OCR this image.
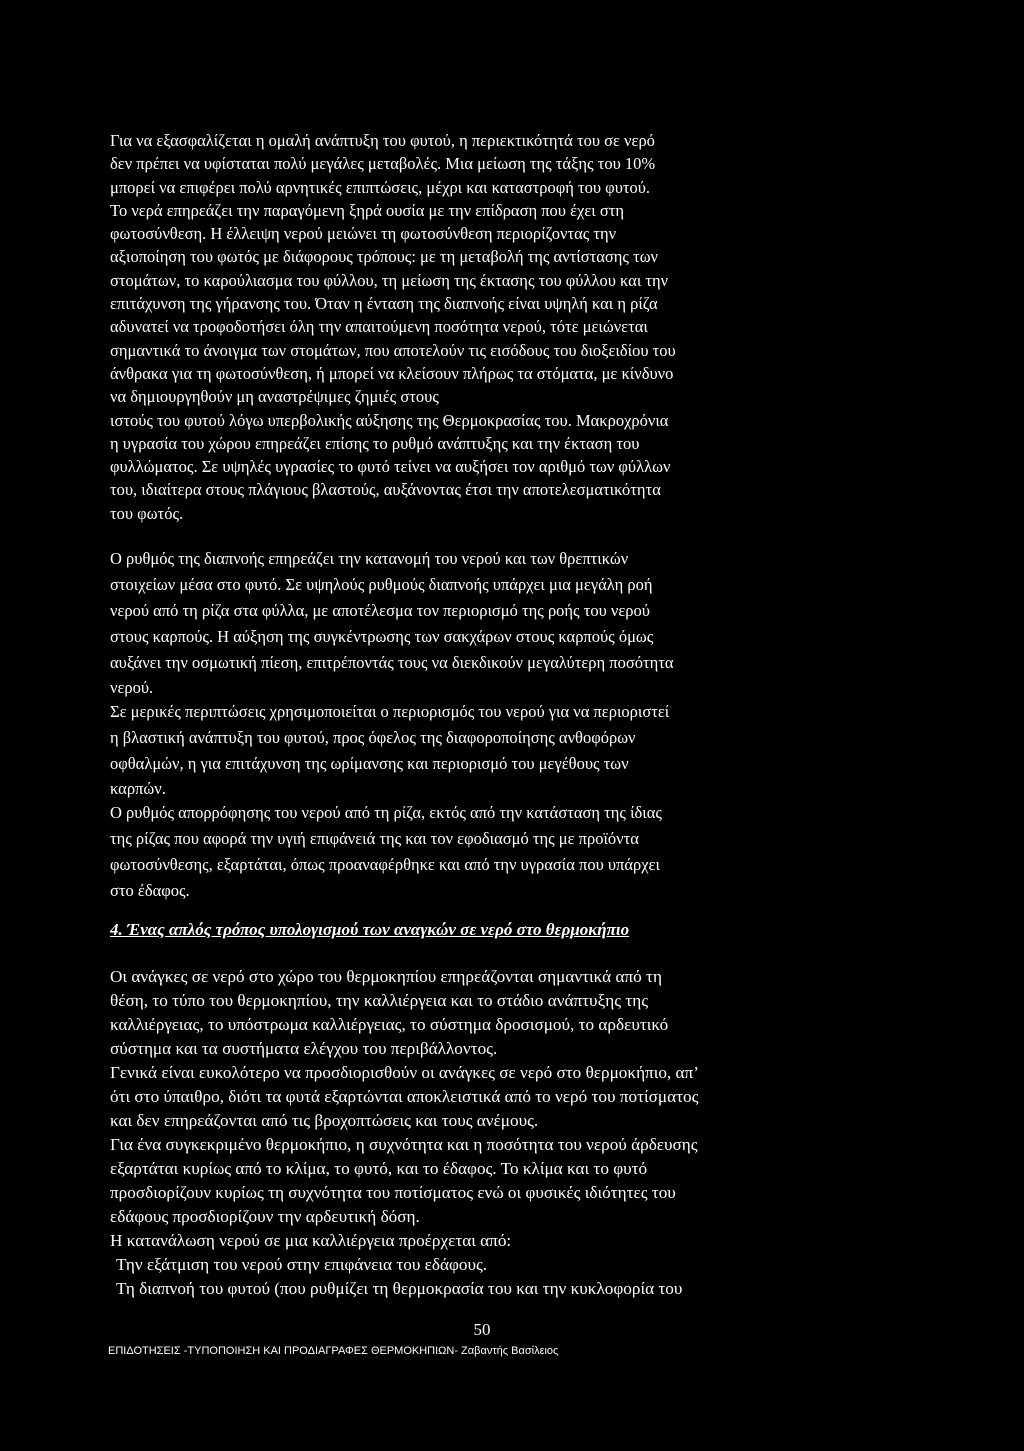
Για να εξασφαλίζεται η ομαλή ανάπτυξη του φυτού, η περιεκτικότητά του σε νερό
δεν πρέπει να υφίσταται πολύ μεγάλες μεταβολές. Μια μείωση της τάξης του 10%
μπορεί να επιφέρει πολύ αρνητικές επιπτώσεις, μέχρι και καταστροφή του φυτού.
Το νερά επηρεάζει την παραγόμενη ξηρά ουσία με την επίδραση που έχει στη
φωτοσύνθεση. Η έλλειψη νερού μειώνει τη φωτοσύνθεση περιορίζοντας την
αξιοποίηση του φωτός με διάφορους τρόπους: με τη μεταβολή της αντίστασης των
στομάτων, το καρούλιασμα του φύλλου, τη μείωση της έκτασης του φύλλου και την
επιτάχυνση της γήρανσης του. Όταν η ένταση της διαπνοής είναι υψηλή και η ρίζα
αδυνατεί να τροφοδοτήσει όλη την απαιτούμενη ποσότητα νερού, τότε μειώνεται
σημαντικά το άνοιγμα των στομάτων, που αποτελούν τις εισόδους του διοξειδίου του
άνθρακα για τη φωτοσύνθεση, ή μπορεί να κλείσουν πλήρως τα στόματα, με κίνδυνο
να δημιουργηθούν μη αναστρέψιμες ζημιές στους
ιστούς του φυτού λόγω υπερβολικής αύξησης της Θερμοκρασίας του. Μακροχρόνια
η υγρασία του χώρου επηρεάζει επίσης το ρυθμό ανάπτυξης και την έκταση του
φυλλώματος. Σε υψηλές υγρασίες το φυτό τείνει να αυξήσει τον αριθμό των φύλλων
του, ιδιαίτερα στους πλάγιους βλαστούς, αυξάνοντας έτσι την αποτελεσματικότητα
του φωτός.
Ο ρυθμός της διαπνοής επηρεάζει την κατανομή του νερού και των θρεπτικών
στοιχείων μέσα στο φυτό. Σε υψηλούς ρυθμούς διαπνοής υπάρχει μια μεγάλη ροή
νερού από τη ρίζα στα φύλλα, με αποτέλεσμα τον περιορισμό της ροής του νερού
στους καρπούς. Η αύξηση της συγκέντρωσης των σακχάρων στους καρπούς όμως
αυξάνει την οσμωτική πίεση, επιτρέποντάς τους να διεκδικούν μεγαλύτερη ποσότητα
νερού.
Σε μερικές περιπτώσεις χρησιμοποιείται ο περιορισμός του νερού για να περιοριστεί
η βλαστική ανάπτυξη του φυτού, προς όφελος της διαφοροποίησης ανθοφόρων
οφθαλμών, η για επιτάχυνση της ωρίμανσης και περιορισμό του μεγέθους των
καρπών.
Ο ρυθμός απορρόφησης του νερού από τη ρίζα, εκτός από την κατάσταση της ίδιας
της ρίζας που αφορά την υγιή επιφάνειά της και τον εφοδιασμό της με προϊόντα
φωτοσύνθεσης, εξαρτάται, όπως προαναφέρθηκε και από την υγρασία που υπάρχει
στο έδαφος.
4. Ένας απλός τρόπος υπολογισμού των αναγκών σε νερό στο θερμοκήπιο
Οι ανάγκες σε νερό στο χώρο του θερμοκηπίου επηρεάζονται σημαντικά από τη
θέση, το τύπο του θερμοκηπίου, την καλλιέργεια και το στάδιο ανάπτυξης της
καλλιέργειας, το υπόστρωμα καλλιέργειας, το σύστημα δροσισμού, το αρδευτικό
σύστημα και τα συστήματα ελέγχου του περιβάλλοντος.
Γενικά είναι ευκολότερο να προσδιορισθούν οι ανάγκες σε νερό στο θερμοκήπιο, απ’
ότι στο ύπαιθρο, διότι τα φυτά εξαρτώνται αποκλειστικά από το νερό του ποτίσματος
και δεν επηρεάζονται από τις βροχοπτώσεις και τους ανέμους.
Για ένα συγκεκριμένο θερμοκήπιο, η συχνότητα και η ποσότητα του νερού άρδευσης
εξαρτάται κυρίως από το κλίμα, το φυτό, και το έδαφος. Το κλίμα και το φυτό
προσδιορίζουν κυρίως τη συχνότητα του ποτίσματος ενώ οι φυσικές ιδιότητες του
εδάφους προσδιορίζουν την αρδευτική δόση.
Η κατανάλωση νερού σε μια καλλιέργεια προέρχεται από:
Την εξάτμιση του νερού στην επιφάνεια του εδάφους.
Τη διαπνοή του φυτού (που ρυθμίζει τη θερμοκρασία του και την κυκλοφορία του
50
ΕΠΙΔΟΤΗΣΕΙΣ -ΤΥΠΟΠΟΙΗΣΗ ΚΑΙ ΠΡΟΔΙΑΓΡΑΦΕΣ ΘΕΡΜΟΚΗΠΙΩΝ- Ζαβαντής Βασίλειος
